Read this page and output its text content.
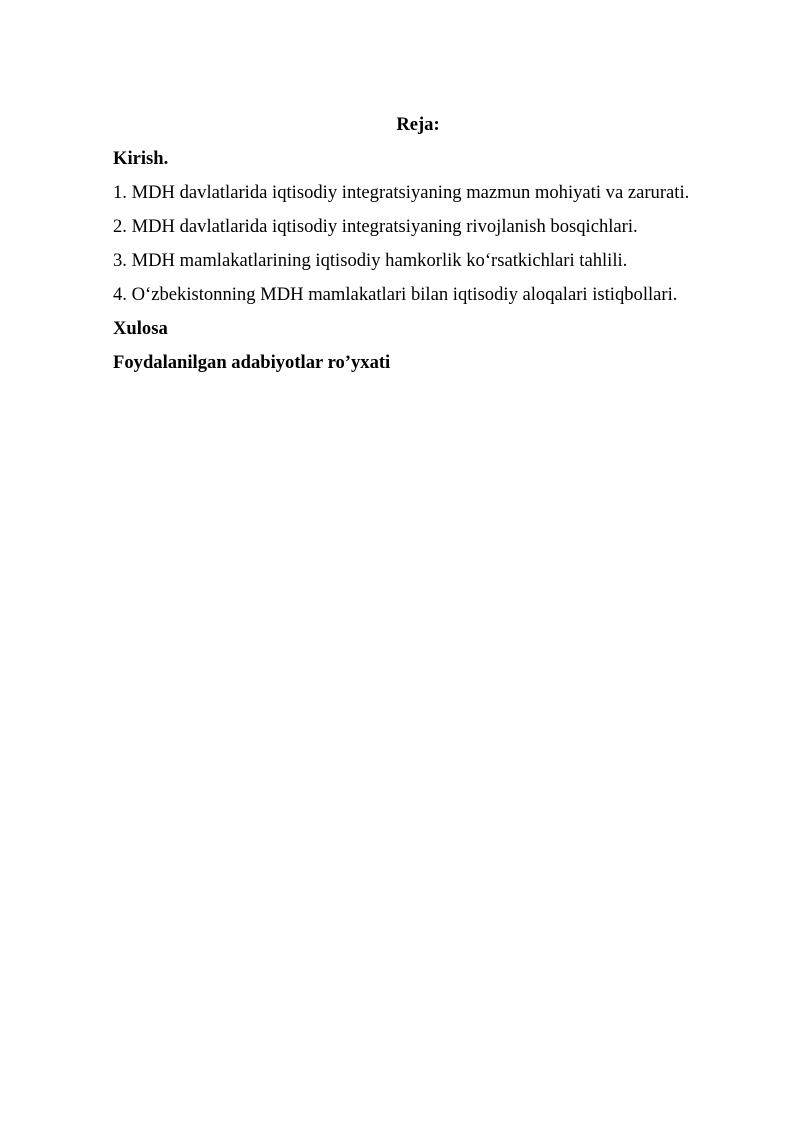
Reja:

Kirish.

1. MDH davlatlarida iqtisodiy integratsiyaning mazmun mohiyati va zarurati.

2. MDH davlatlarida iqtisodiy integratsiyaning rivojlanish bosqichlari.

3. MDH mamlakatlarining iqtisodiy hamkorlik ko‘rsatkichlari tahlili.

4. O‘zbekistonning MDH mamlakatlari bilan iqtisodiy aloqalari istiqbollari.

Xulosa

Foydalanilgan adabiyotlar ro’yxati
